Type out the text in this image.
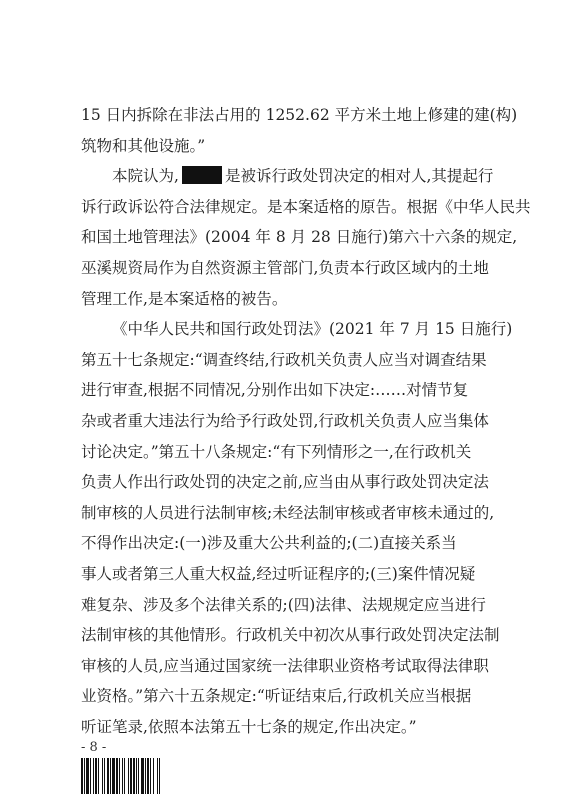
15 日内拆除在非法占用的 1252.62 平方米土地上修建的建(构)
筑物和其他设施。”
本院认为,	是被诉行政处罚决定的相对人,其提起行
诉行政诉讼符合法律规定。是本案适格的原告。根据《中华人民共
和国土地管理法》(2004 年 8 月 28 日施行)第六十六条的规定,
巫溪规资局作为自然资源主管部门,负责本行政区域内的土地
管理工作,是本案适格的被告。
《中华人民共和国行政处罚法》(2021 年 7 月 15 日施行)
第五十七条规定:“调查终结,行政机关负责人应当对调查结果
进行审查,根据不同情况,分别作出如下决定:……对情节复
杂或者重大违法行为给予行政处罚,行政机关负责人应当集体
讨论决定。”第五十八条规定:“有下列情形之一,在行政机关
负责人作出行政处罚的决定之前,应当由从事行政处罚决定法
制审核的人员进行法制审核;未经法制审核或者审核未通过的,
不得作出决定:(一)涉及重大公共利益的;(二)直接关系当
事人或者第三人重大权益,经过听证程序的;(三)案件情况疑
难复杂、涉及多个法律关系的;(四)法律、法规规定应当进行
法制审核的其他情形。行政机关中初次从事行政处罚决定法制
审核的人员,应当通过国家统一法律职业资格考试取得法律职
业资格。”第六十五条规定:“听证结束后,行政机关应当根据
听证笔录,依照本法第五十七条的规定,作出决定。”
- 8 -
